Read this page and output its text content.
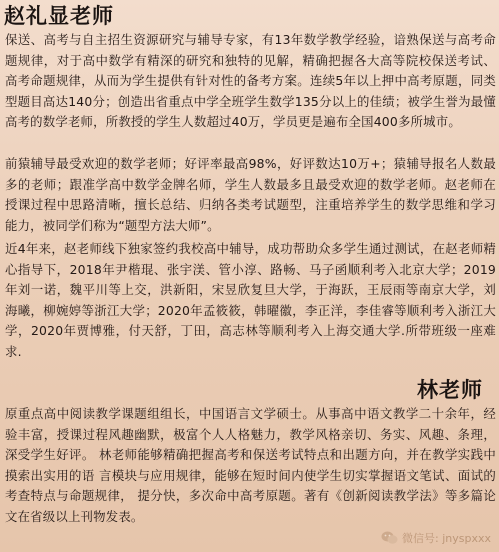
赵礼显老师

保送、高考与自主招生资源研究与辅导专家，有13年数学教学经验，谙熟保送与高考命题规律，对于高中数学有精深的研究和独特的见解，精确把握各大高等院校保送考试、高考命题规律，从而为学生提供有针对性的备考方案。连续5年以上押中高考原题，同类型题目高达140分；创造出省重点中学全班学生数学135分以上的佳绩；被学生誉为最懂高考的数学老师，所教授的学生人数超过40万，学员更是遍布全国400多所城市。

前猿辅导最受欢迎的数学老师；好评率最高98%，好评数达10万+；猿辅导报名人数最多的老师；跟准学高中数学金牌名师，学生人数最多且最受欢迎的数学老师。赵老师在授课过程中思路清晰，擅长总结、归纳各类考试题型，注重培养学生的数学思维和学习能力，被同学们称为“题型方法大师”。

近4年来，赵老师线下独家签约我校高中辅导，成功帮助众多学生通过测试，在赵老师精心指导下，2018年尹楷琨、张宇渼、管小淳、路畅、马子函顺利考入北京大学；2019年刘一诺，魏平川等上交，洪新阳，宋昱欣复旦大学，于海跃，王辰雨等南京大学，刘海曦，柳婉婷等浙江大学；2020年孟筱筱，韩曜徽，李正洋，李佳睿等顺利考入浙江大学，2020年贾博雅，付天舒，丁田，高志林等顺利考入上海交通大学.所带班级一座难求.

林老师

原重点高中阅读教学课题组组长，中国语言文学硕士。从事高中语文教学二十余年，经验丰富，授课过程风趣幽默，极富个人人格魅力，教学风格亲切、务实、风趣、条理，深受学生好评。 林老师能够精确把握高考和保送考试特点和出题方向，并在教学实践中摸索出实用的语 言模块与应用规律，能够在短时间内使学生切实掌握语文笔试、面试的考查特点与命题规律， 提分快，多次命中高考原题。著有《创新阅读教学法》等多篇论文在省级以上刊物发表。

微信号: jnyspxxx
